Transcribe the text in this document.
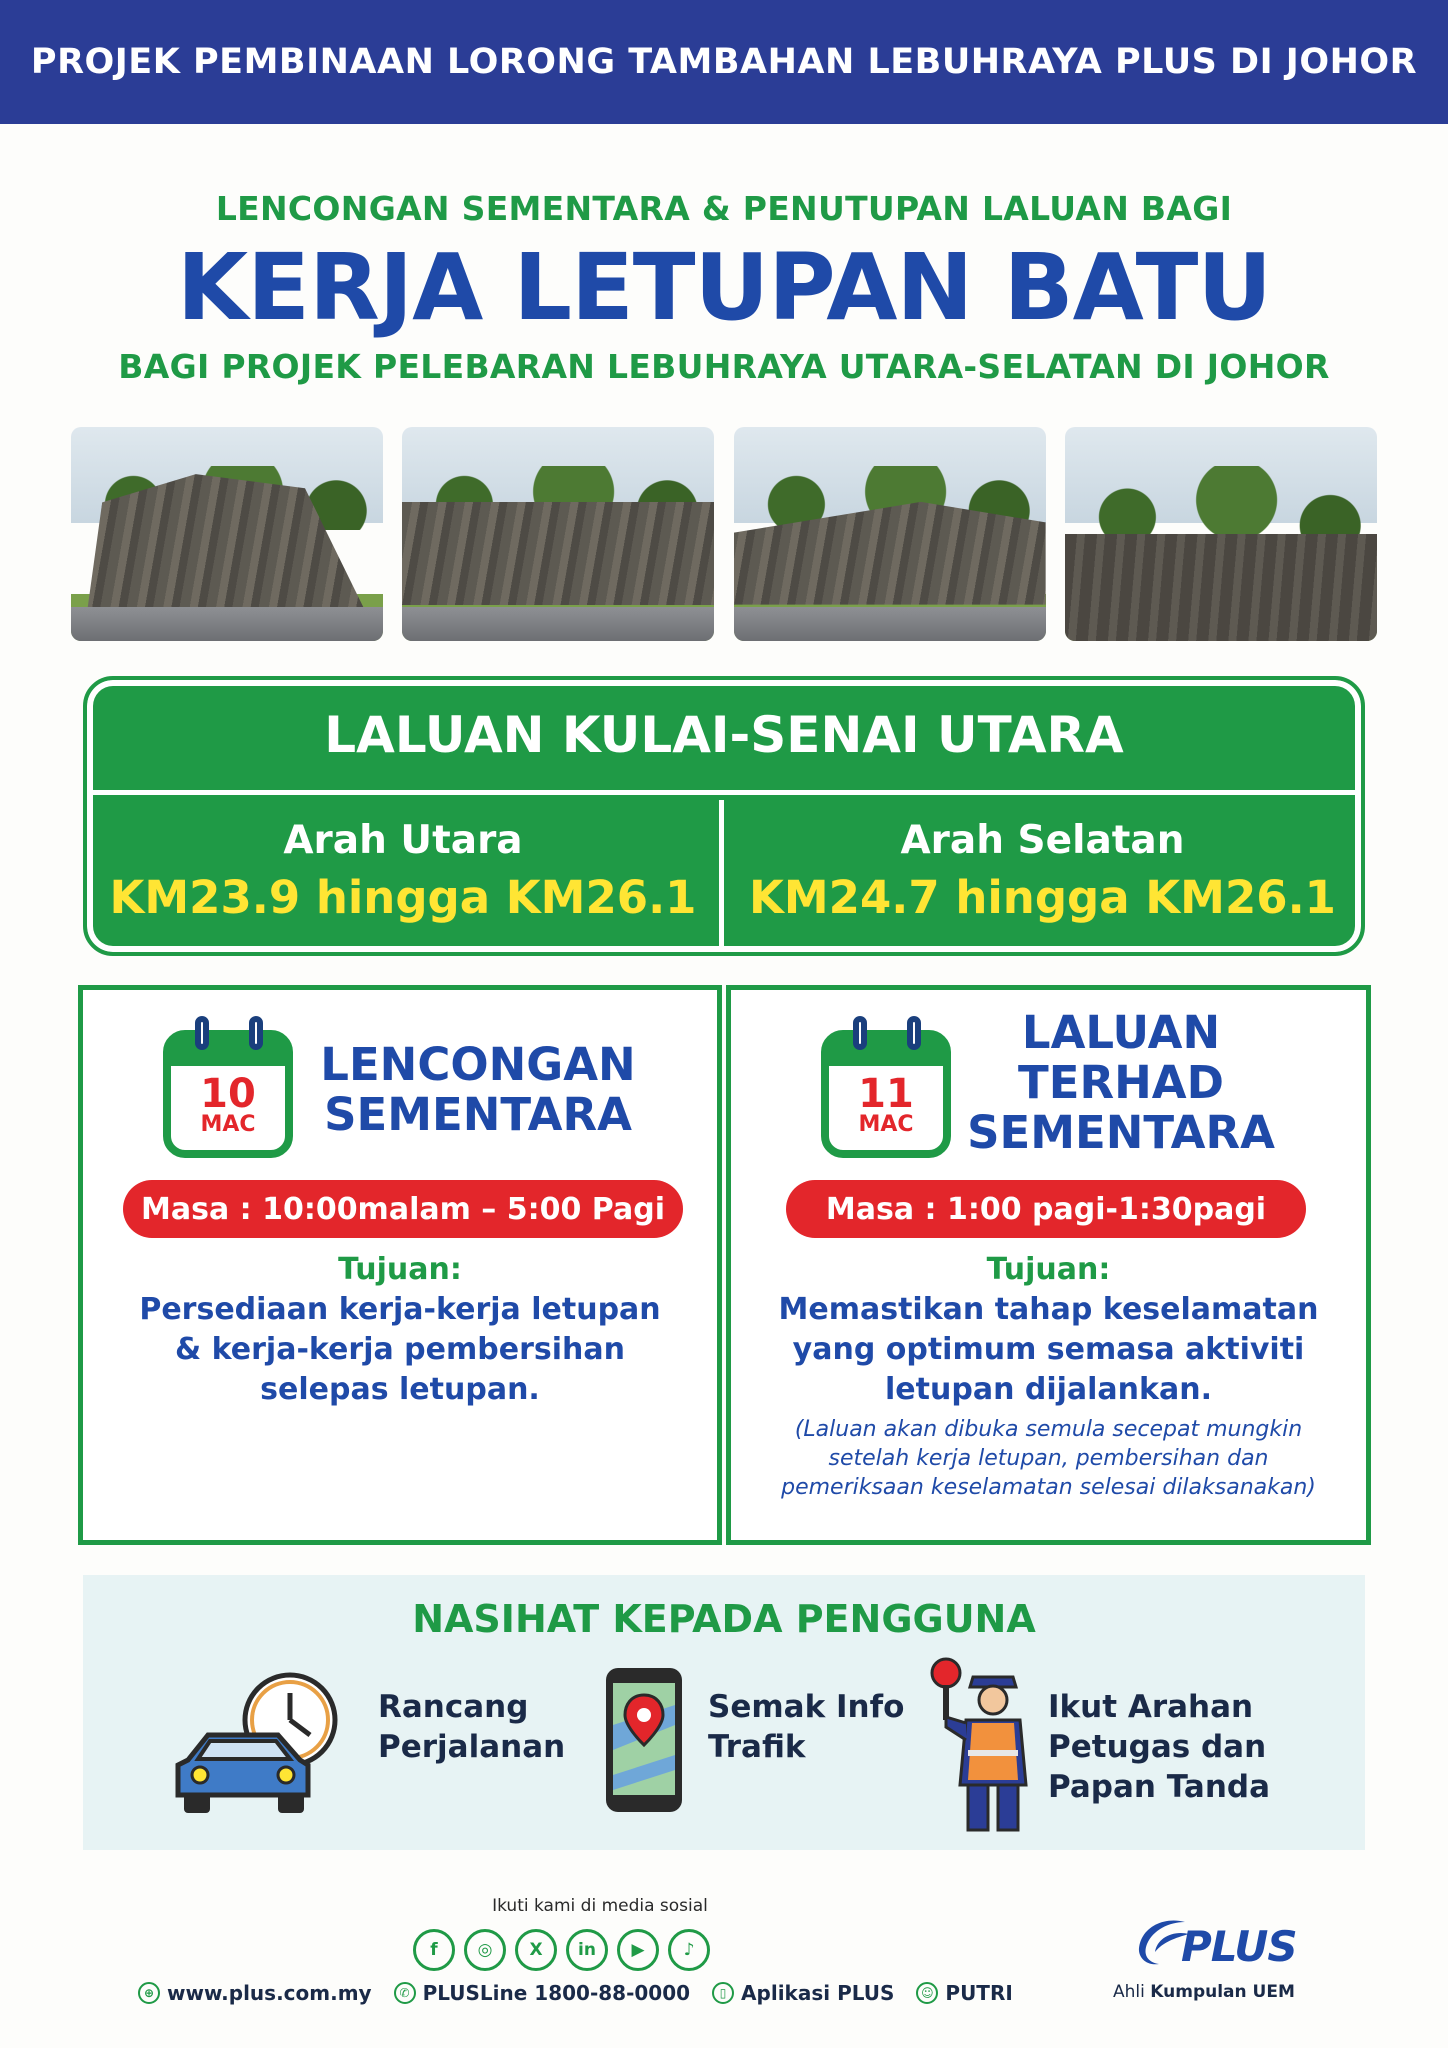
PROJEK PEMBINAAN LORONG TAMBAHAN LEBUHRAYA PLUS DI JOHOR
LENCONGAN SEMENTARA & PENUTUPAN LALUAN BAGI
KERJA LETUPAN BATU
BAGI PROJEK PELEBARAN LEBUHRAYA UTARA-SELATAN DI JOHOR
LALUAN KULAI-SENAI UTARA
Arah Utara
KM23.9 hingga KM26.1
Arah Selatan
KM24.7 hingga KM26.1
10
MAC
LENCONGAN
SEMENTARA
Masa : 10:00malam – 5:00 Pagi
Tujuan:
Persediaan kerja-kerja letupan & kerja-kerja pembersihan selepas letupan.
11
MAC
LALUAN
TERHAD
SEMENTARA
Masa : 1:00 pagi-1:30pagi
Tujuan:
Memastikan tahap keselamatan yang optimum semasa aktiviti letupan dijalankan.
(Laluan akan dibuka semula secepat mungkin setelah kerja letupan, pembersihan dan pemeriksaan keselamatan selesai dilaksanakan)
NASIHAT KEPADA PENGGUNA
Rancang
Perjalanan
Semak Info
Trafik
Ikut Arahan
Petugas dan
Papan Tanda
Ikuti kami di media sosial
f	◎	X	in	▶	♪
⊕ www.plus.com.my	✆ PLUSLine 1800-88-0000	▯ Aplikasi PLUS	☺ PUTRI
PLUS
Ahli Kumpulan UEM
